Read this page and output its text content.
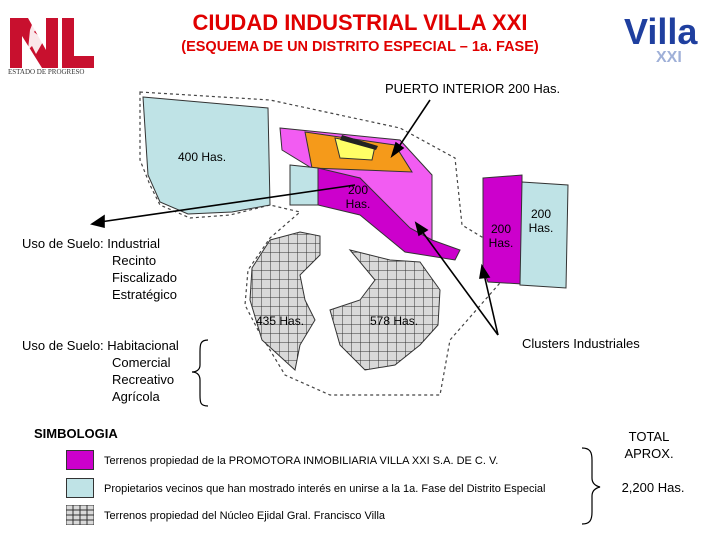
CIUDAD INDUSTRIAL VILLA XXI
(ESQUEMA DE UN DISTRITO ESPECIAL – 1a. FASE)
ESTADO DE PROGRESO
Villa
XXI
PUERTO INTERIOR 200 Has.
400 Has.
200
Has.
200
Has.
200
Has.
435 Has.	578 Has.
Clusters Industriales
Uso de Suelo: Industrial
Recinto
Fiscalizado
Estratégico
Uso de Suelo: Habitacional
Comercial
Recreativo
Agrícola
SIMBOLOGIA
Terrenos propiedad de la PROMOTORA INMOBILIARIA VILLA XXI S.A. DE C. V.
Propietarios vecinos que han mostrado interés en unirse a la 1a. Fase del Distrito Especial
Terrenos propiedad del Núcleo Ejidal Gral. Francisco Villa
TOTAL
APROX.
2,200 Has.
